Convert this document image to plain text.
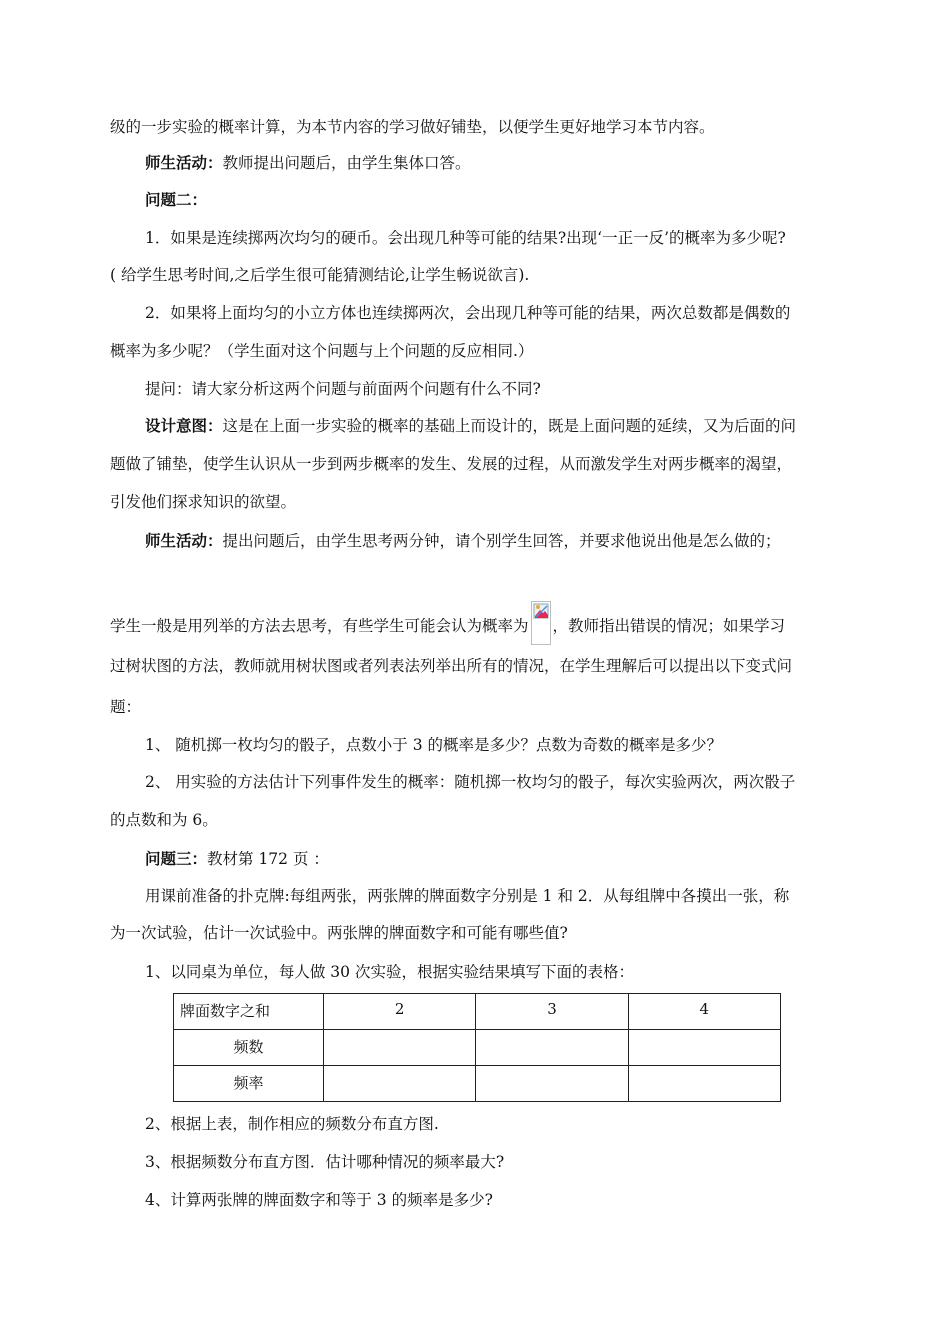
级的一步实验的概率计算，为本节内容的学习做好铺垫，以便学生更好地学习本节内容。
师生活动：教师提出问题后，由学生集体口答。
问题二：
1．如果是连续掷两次均匀的硬币。会出现几种等可能的结果?出现‘一正一反’的概率为多少呢?
( 给学生思考时间,之后学生很可能猜测结论,让学生畅说欲言).
2．如果将上面均匀的小立方体也连续掷两次，会出现几种等可能的结果，两次总数都是偶数的
概率为多少呢？（学生面对这个问题与上个问题的反应相同.）
提问：请大家分析这两个问题与前面两个问题有什么不同?
设计意图：这是在上面一步实验的概率的基础上而设计的，既是上面问题的延续，又为后面的问
题做了铺垫，使学生认识从一步到两步概率的发生、发展的过程，从而激发学生对两步概率的渴望，
引发他们探求知识的欲望。
师生活动：提出问题后，由学生思考两分钟，请个别学生回答，并要求他说出他是怎么做的；
学生一般是用列举的方法去思考，有些学生可能会认为概率为 ，教师指出错误的情况；如果学习
过树状图的方法，教师就用树状图或者列表法列举出所有的情况，在学生理解后可以提出以下变式问
题：
1、 随机掷一枚均匀的骰子，点数小于 3 的概率是多少？点数为奇数的概率是多少？
2、 用实验的方法估计下列事件发生的概率：随机掷一枚均匀的骰子，每次实验两次，两次骰子
的点数和为 6。
问题三：教材第 172 页 ：
用课前准备的扑克牌:每组两张，两张牌的牌面数字分别是 1 和 2．从每组牌中各摸出一张，称
为一次试验，估计一次试验中。两张牌的牌面数字和可能有哪些值?
1、以同桌为单位，每人做 30 次实验，根据实验结果填写下面的表格：
牌面数字之和	2	3	4
频数			
频率			
2、根据上表，制作相应的频数分布直方图.
3、根据频数分布直方图．估计哪种情况的频率最大?
4、计算两张牌的牌面数字和等于 3 的频率是多少?
